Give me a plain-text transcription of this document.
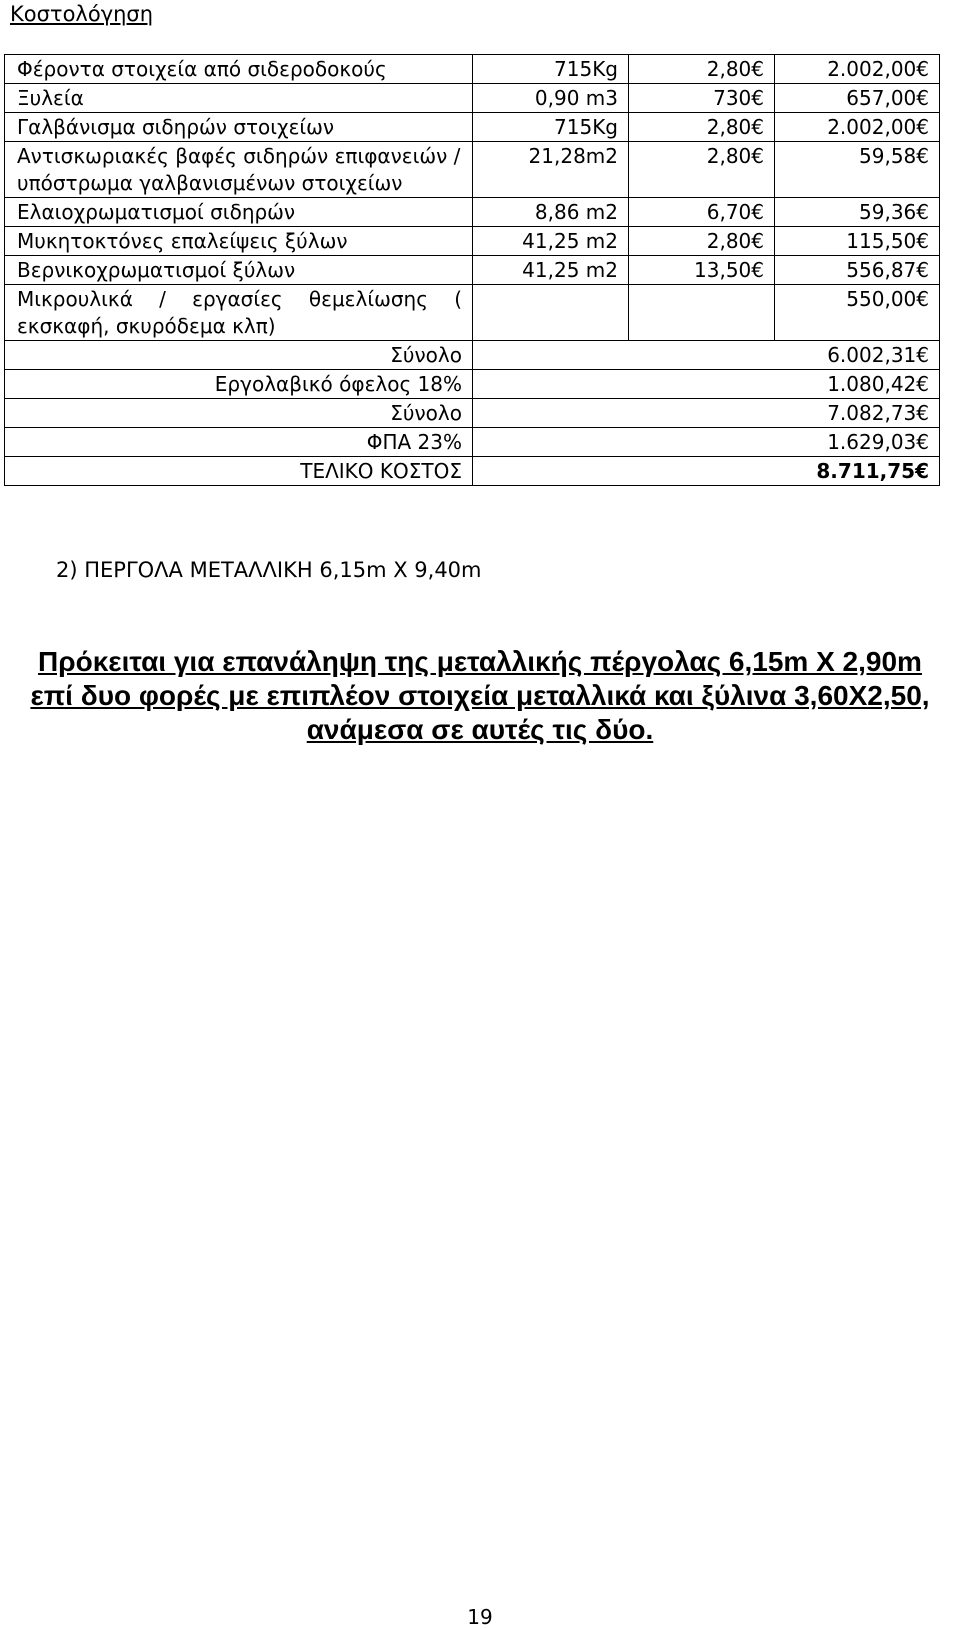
Κοστολόγηση
Φέροντα στοιχεία από σιδεροδοκούς	715Kg	2,80€	2.002,00€
Ξυλεία	0,90 m3	730€	657,00€
Γαλβάνισμα σιδηρών στοιχείων	715Kg	2,80€	2.002,00€
Αντισκωριακές βαφές σιδηρών επιφανειών / υπόστρωμα γαλβανισμένων στοιχείων	21,28m2	2,80€	59,58€
Ελαιοχρωματισμοί σιδηρών	8,86 m2	6,70€	59,36€
Μυκητοκτόνες επαλείψεις ξύλων	41,25 m2	2,80€	115,50€
Βερνικοχρωματισμοί ξύλων	41,25 m2	13,50€	556,87€
Μικρουλικά / εργασίες θεμελίωσης ( εκσκαφή, σκυρόδεμα κλπ)			550,00€
Σύνολο	6.002,31€		
Εργολαβικό όφελος 18%	1.080,42€		
Σύνολο	7.082,73€		
ΦΠΑ 23%	1.629,03€		
ΤΕΛΙΚΟ ΚΟΣΤΟΣ	8.711,75€		
2) ΠΕΡΓΟΛΑ ΜΕΤΑΛΛΙΚΗ 6,15m Χ 9,40m
Πρόκειται για επανάληψη της μεταλλικής πέργολας 6,15m X 2,90m επί δυο φορές με επιπλέον στοιχεία μεταλλικά και ξύλινα 3,60Χ2,50, ανάμεσα σε αυτές τις δύο.
19
